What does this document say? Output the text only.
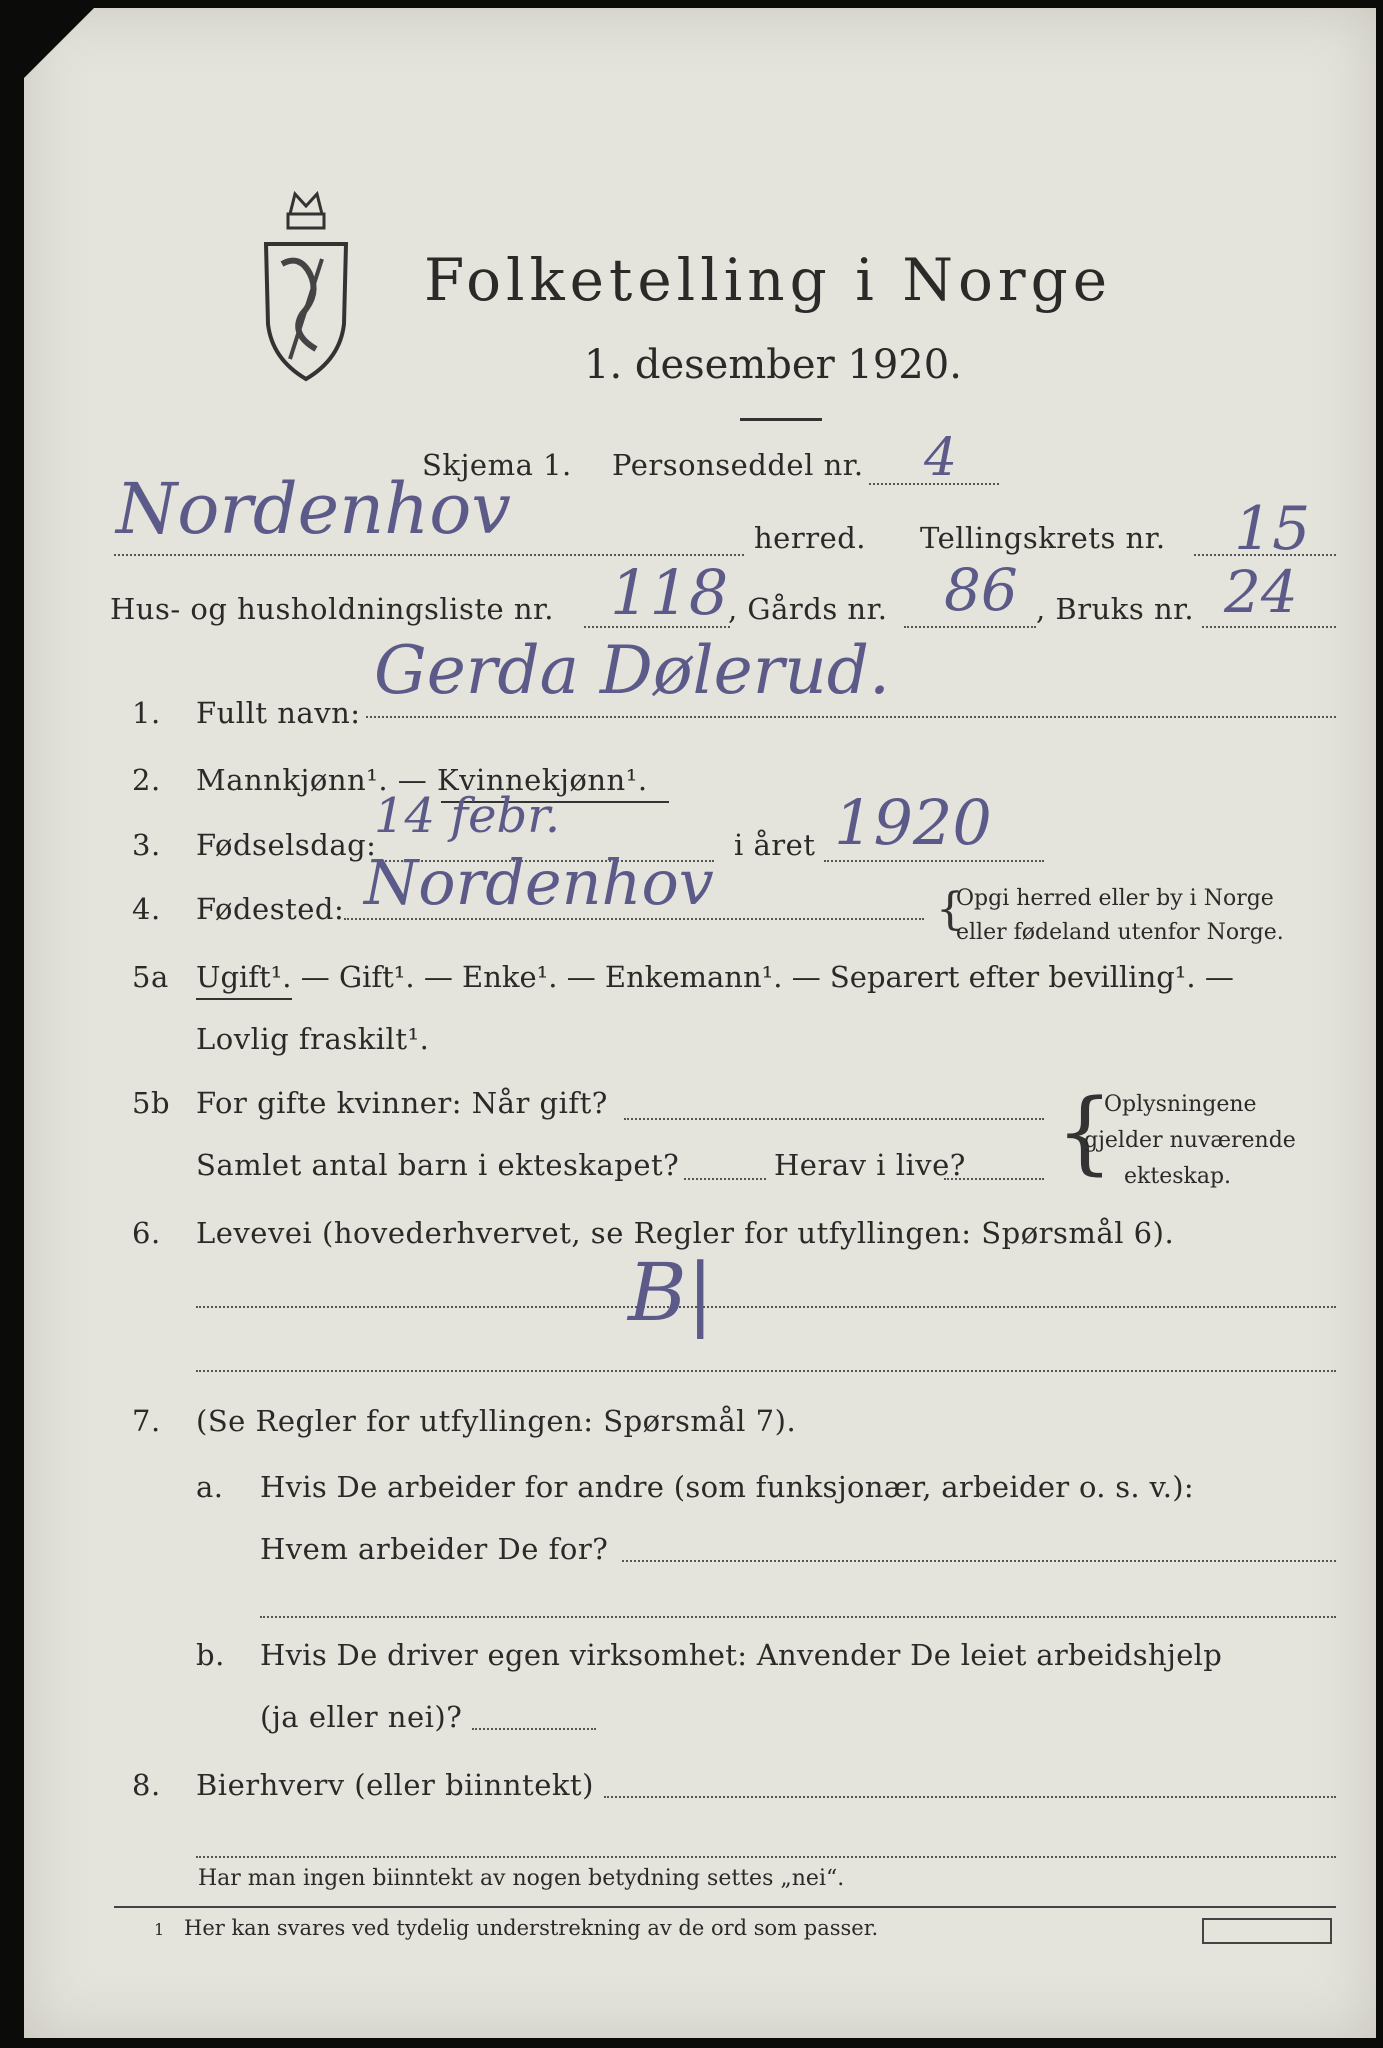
Folketelling i Norge
1. desember 1920.
Skjema 1. Personseddel nr. 4
Nordenhov	herred. Tellingskrets nr. 15
Hus- og husholdningsliste nr. 118 , Gårds nr. 86 , Bruks nr. 24
1. Fullt navn:
Gerda Dølerud.
2. Mannkjønn¹. — Kvinnekjønn¹.
3. Fødselsdag:
14 febr.
i året 1920
4. Fødested: Nordenhov	{
Opgi herred eller by i Norge
eller fødeland utenfor Norge.
5a Ugift¹. — Gift¹. — Enke¹. — Enkemann¹. — Separert efter bevilling¹. —
Lovlig fraskilt¹.
5b For gifte kvinner: Når gift?
Samlet antal barn i ekteskapet?	Herav i live? {
Oplysningene
gjelder nuværende
ekteskap.
6. Levevei (hovederhvervet, se Regler for utfyllingen: Spørsmål 6).
B|
7. (Se Regler for utfyllingen: Spørsmål 7).
a. Hvis De arbeider for andre (som funksjonær, arbeider o. s. v.):
Hvem arbeider De for?
b. Hvis De driver egen virksomhet: Anvender De leiet arbeidshjelp
(ja eller nei)?
8. Bierhverv (eller biinntekt)
Har man ingen biinntekt av nogen betydning settes „nei“.
1 Her kan svares ved tydelig understrekning av de ord som passer.
